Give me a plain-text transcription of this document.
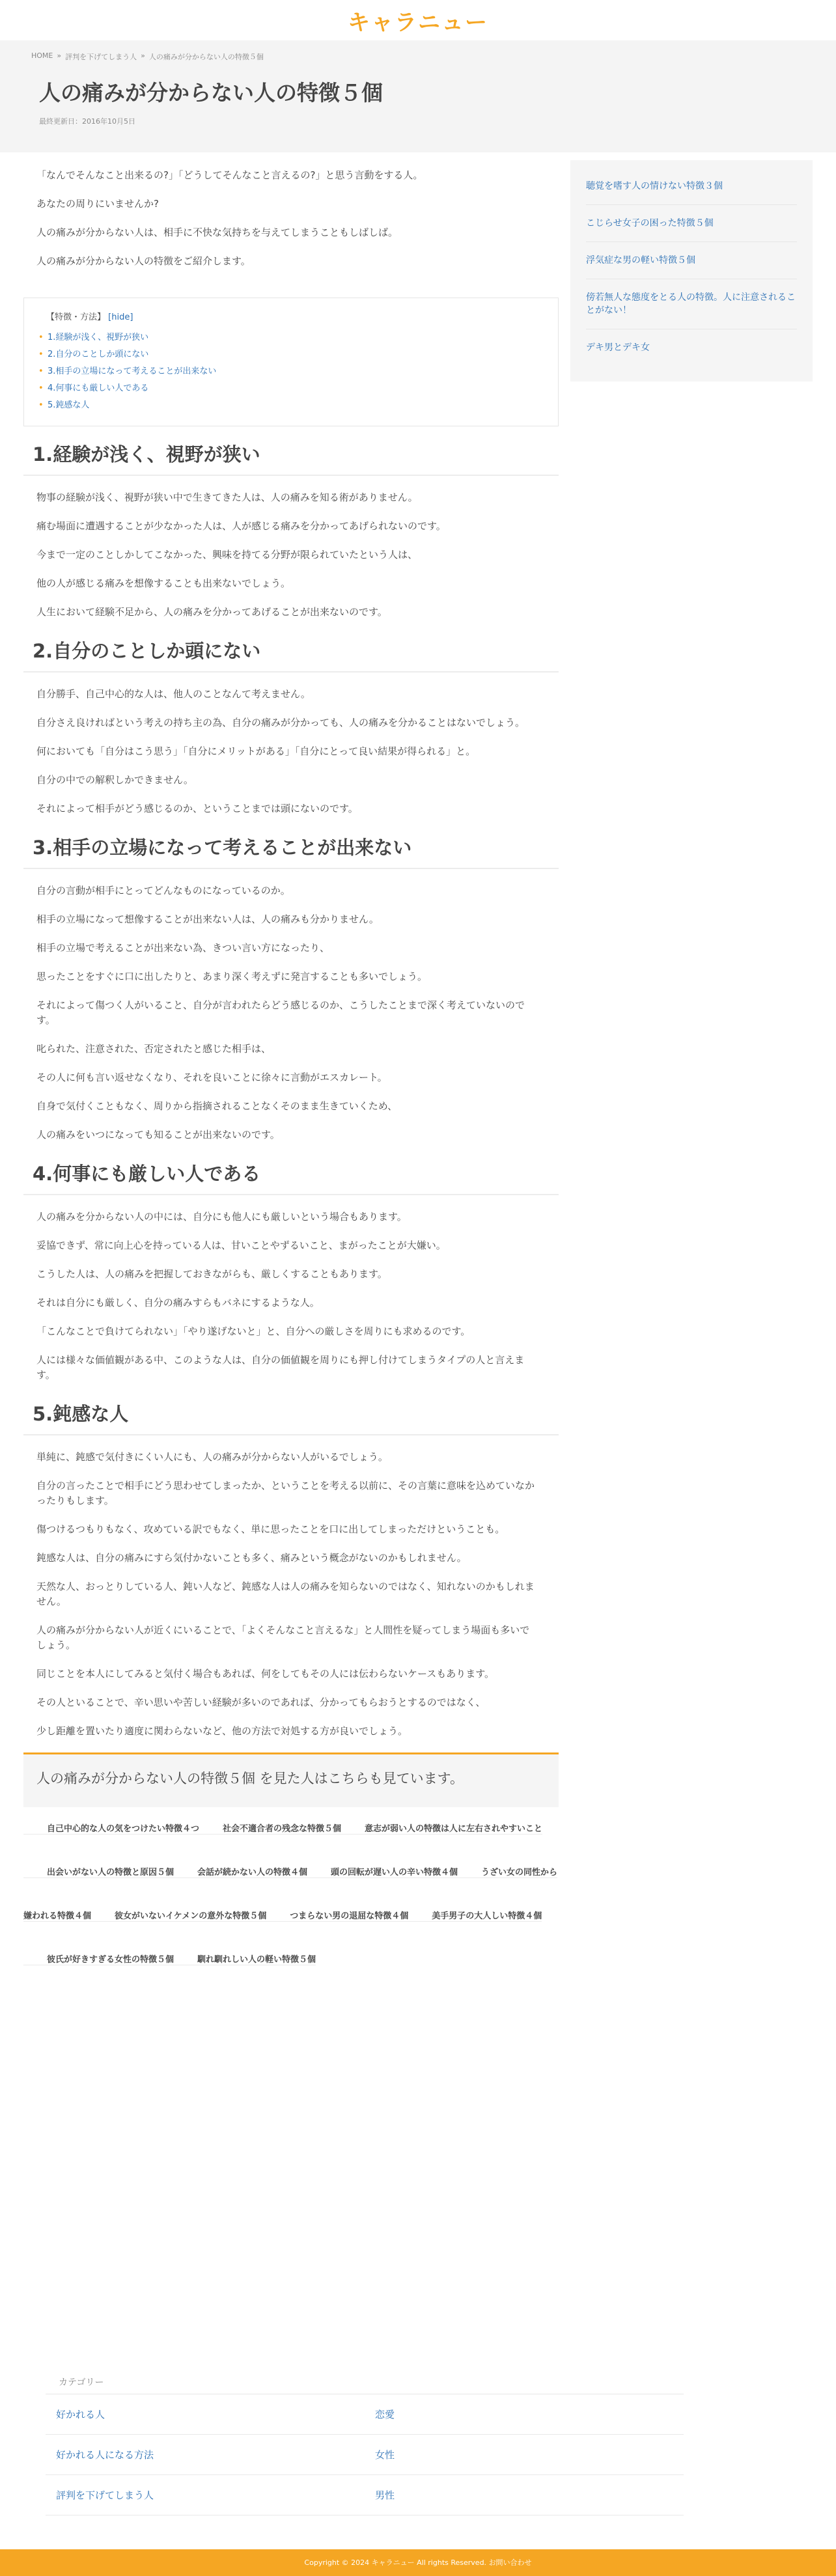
キャラニュー
HOME » 評判を下げてしまう人 » 人の痛みが分からない人の特徴５個
人の痛みが分からない人の特徴５個
最終更新日：2016年10月5日

「なんでそんなこと出来るの?」「どうしてそんなこと言えるの?」と思う言動をする人。

あなたの周りにいませんか?

人の痛みが分からない人は、相手に不快な気持ちを与えてしまうこともしばしば。

人の痛みが分からない人の特徴をご紹介します。

【特徴・方法】 [hide]
• 1.経験が浅く、視野が狭い
• 2.自分のことしか頭にない
• 3.相手の立場になって考えることが出来ない
• 4.何事にも厳しい人である
• 5.鈍感な人
1.経験が浅く、視野が狭い

物事の経験が浅く、視野が狭い中で生きてきた人は、人の痛みを知る術がありません。

痛む場面に遭遇することが少なかった人は、人が感じる痛みを分かってあげられないのです。

今まで一定のことしかしてこなかった、興味を持てる分野が限られていたという人は、

他の人が感じる痛みを想像することも出来ないでしょう。

人生において経験不足から、人の痛みを分かってあげることが出来ないのです。

2.自分のことしか頭にない

自分勝手、自己中心的な人は、他人のことなんて考えません。

自分さえ良ければという考えの持ち主の為、自分の痛みが分かっても、人の痛みを分かることはないでしょう。

何においても「自分はこう思う」「自分にメリットがある」「自分にとって良い結果が得られる」と。

自分の中での解釈しかできません。

それによって相手がどう感じるのか、ということまでは頭にないのです。

3.相手の立場になって考えることが出来ない

自分の言動が相手にとってどんなものになっているのか。

相手の立場になって想像することが出来ない人は、人の痛みも分かりません。

相手の立場で考えることが出来ない為、きつい言い方になったり、

思ったことをすぐに口に出したりと、あまり深く考えずに発言することも多いでしょう。

それによって傷つく人がいること、自分が言われたらどう感じるのか、こうしたことまで深く考えていないのです。

叱られた、注意された、否定されたと感じた相手は、

その人に何も言い返せなくなり、それを良いことに徐々に言動がエスカレート。

自身で気付くこともなく、周りから指摘されることなくそのまま生きていくため、

人の痛みをいつになっても知ることが出来ないのです。

4.何事にも厳しい人である

人の痛みを分からない人の中には、自分にも他人にも厳しいという場合もあります。

妥協できず、常に向上心を持っている人は、甘いことやずるいこと、まがったことが大嫌い。

こうした人は、人の痛みを把握しておきながらも、厳しくすることもあります。

それは自分にも厳しく、自分の痛みすらもバネにするような人。

「こんなことで負けてられない」「やり遂げないと」と、自分への厳しさを周りにも求めるのです。

人には様々な価値観がある中、このような人は、自分の価値観を周りにも押し付けてしまうタイプの人と言えます。

5.鈍感な人

単純に、鈍感で気付きにくい人にも、人の痛みが分からない人がいるでしょう。

自分の言ったことで相手にどう思わせてしまったか、ということを考える以前に、その言葉に意味を込めていなかったりもします。

傷つけるつもりもなく、攻めている訳でもなく、単に思ったことを口に出してしまっただけということも。

鈍感な人は、自分の痛みにすら気付かないことも多く、痛みという概念がないのかもしれません。

天然な人、おっとりしている人、鈍い人など、鈍感な人は人の痛みを知らないのではなく、知れないのかもしれません。

人の痛みが分からない人が近くにいることで、「よくそんなこと言えるな」と人間性を疑ってしまう場面も多いでしょう。

同じことを本人にしてみると気付く場合もあれば、何をしてもその人には伝わらないケースもあります。

その人といることで、辛い思いや苦しい経験が多いのであれば、分かってもらおうとするのではなく、

少し距離を置いたり適度に関わらないなど、他の方法で対処する方が良いでしょう。

人の痛みが分からない人の特徴５個 を見た人はこちらも見ています。
自己中心的な人の気をつけたい特徴４つ	社会不適合者の残念な特徴５個	意志が弱い人の特徴は人に左右されやすいこと出会いがない人の特徴と原因５個	会話が続かない人の特徴４個	頭の回転が遅い人の辛い特徴４個	うざい女の同性から嫌われる特徴４個	彼女がいないイケメンの意外な特徴５個	つまらない男の退屈な特徴４個	美手男子の大人しい特徴４個彼氏が好きすぎる女性の特徴５個	馴れ馴れしい人の軽い特徴５個
聴覚を嗜す人の情けない特徴３個
こじらせ女子の困った特徴５個
浮気症な男の軽い特徴５個
傍若無人な態度をとる人の特徴。人に注意されることがない！
デキ男とデキ女
カテゴリー
好かれる人	恋愛
好かれる人になる方法	女性
評判を下げてしまう人	男性
Copyright © 2024 キャラニュー All rights Reserved. お問い合わせ
